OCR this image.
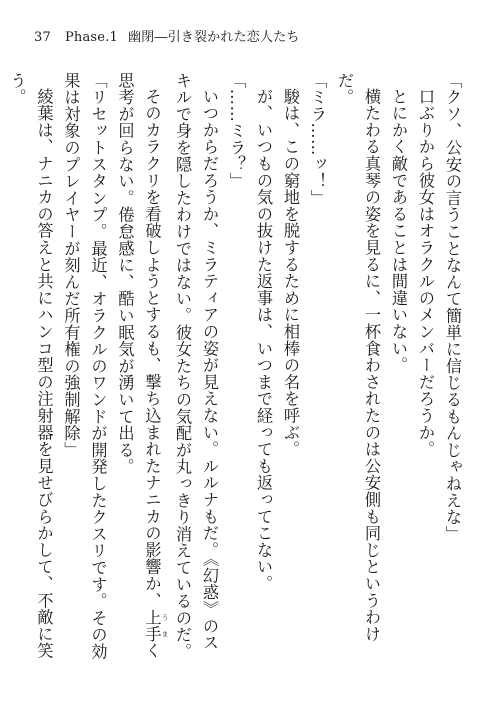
37 Phase.1 幽閉―引き裂かれた恋人たち

「クソ、公安の言うことなんて簡単に信じるもんじゃねえな」

口ぶりから彼女はオラクルのメンバーだろうか。

とにかく敵であることは間違いない。

横たわる真琴の姿を見るに、一杯食わされたのは公安側も同じというわけだ。

「ミラ……ッ！」

駿は、この窮地を脱するために相棒の名を呼ぶ。

が、いつもの気の抜けた返事は、いつまで経っても返ってこない。

「……ミラ？」

いつからだろうか、ミラティアの姿が見えない。ルルナもだ。《幻惑》のスキルで身を隠したわけではない。彼女たちの気配が丸っきり消えているのだ。

そのカラクリを看破しようとするも、撃ち込まれたナニカの影響か、上手 うまく思考が回らない。倦怠感に、酷い眠気が湧いて出る。

「リセットスタンプ。最近、オラクルのワンドが開発したクスリです。その効果は対象のプレイヤーが刻んだ所有権の強制解除」

綾葉は、ナニカの答えと共にハンコ型の注射器を見せびらかして、不敵に笑う。
